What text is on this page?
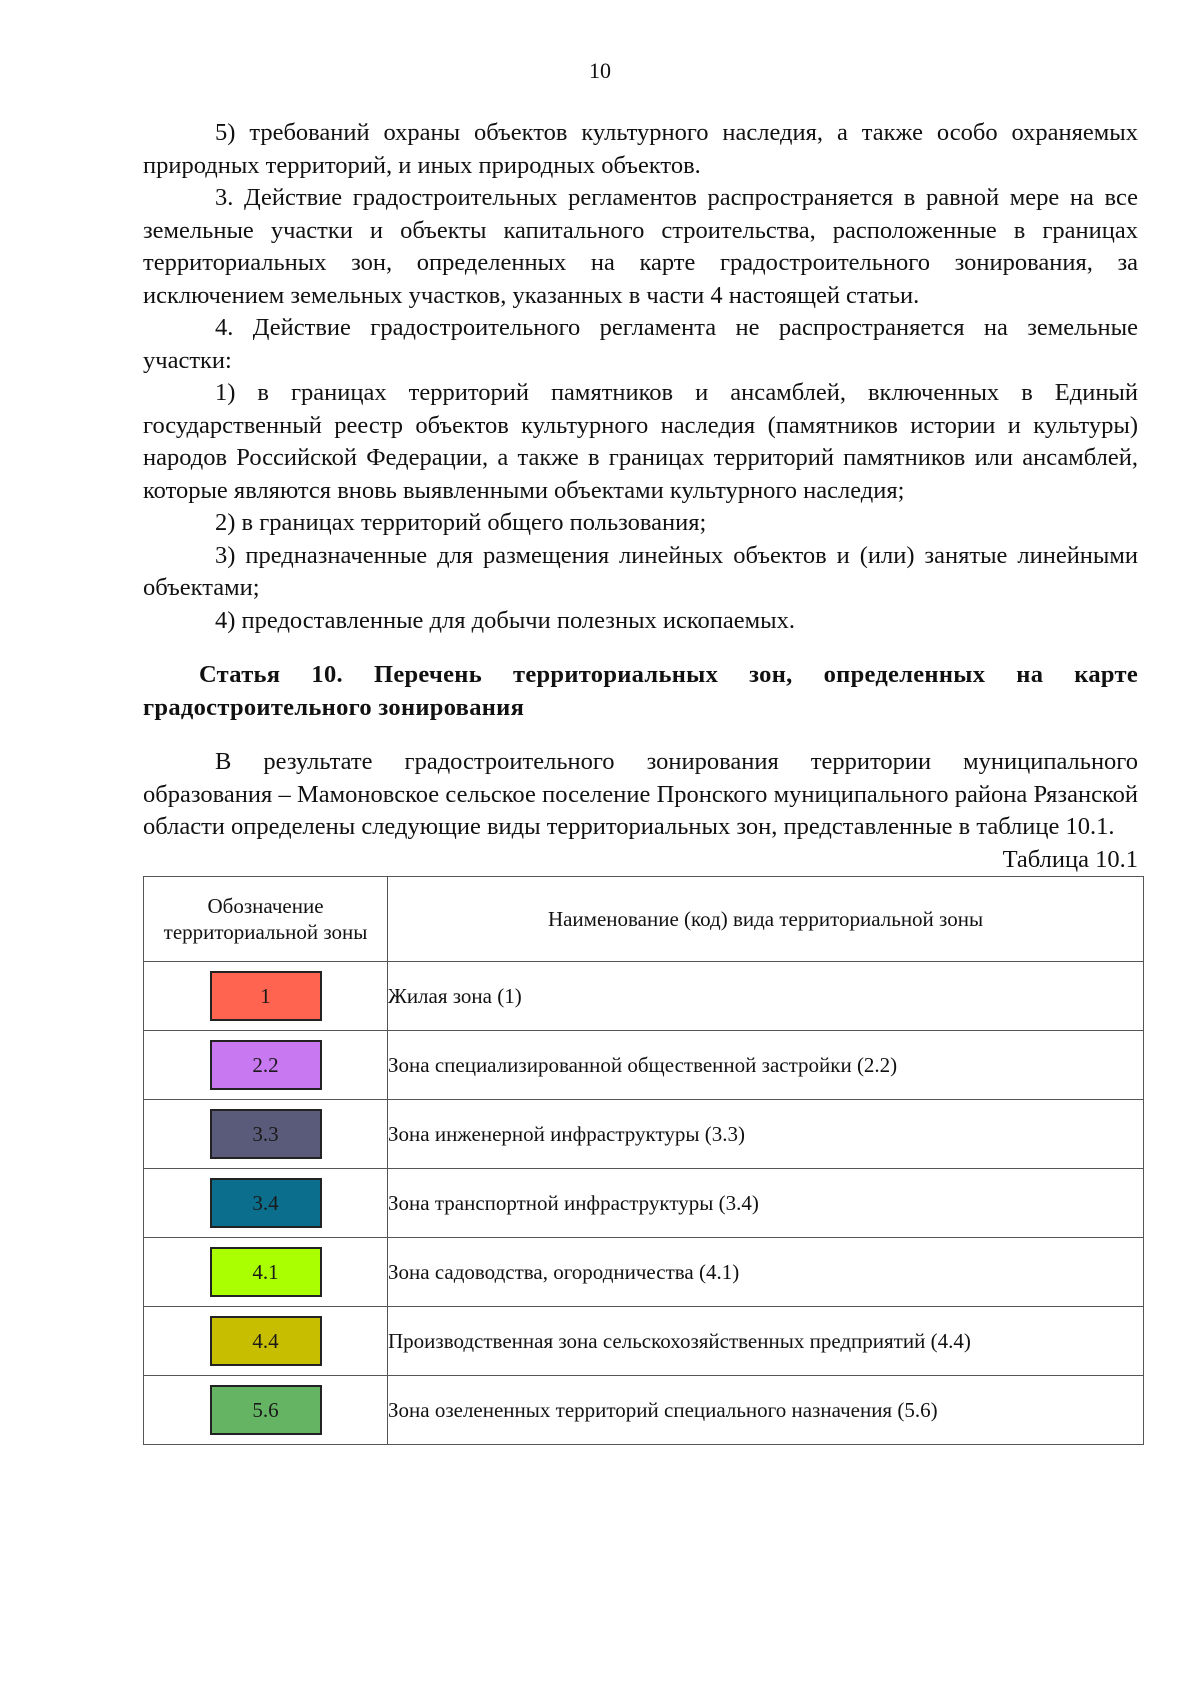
10

5) требований охраны объектов культурного наследия, а также особо охраняемых природных территорий, и иных природных объектов.

3. Действие градостроительных регламентов распространяется в равной мере на все земельные участки и объекты капитального строительства, расположенные в границах территориальных зон, определенных на карте градостроительного зонирования, за исключением земельных участков, указанных в части 4 настоящей статьи.

4. Действие градостроительного регламента не распространяется на земельные участки:

1) в границах территорий памятников и ансамблей, включенных в Единый государственный реестр объектов культурного наследия (памятников истории и культуры) народов Российской Федерации, а также в границах территорий памятников или ансамблей, которые являются вновь выявленными объектами культурного наследия;

2) в границах территорий общего пользования;

3) предназначенные для размещения линейных объектов и (или) занятые линейными объектами;

4) предоставленные для добычи полезных ископаемых.

Статья 10. Перечень территориальных зон, определенных на карте градостроительного зонирования

В результате градостроительного зонирования территории муниципального образования – Мамоновское сельское поселение Пронского муниципального района Рязанской области определены следующие виды территориальных зон, представленные в таблице 10.1.

Таблица 10.1

Обозначение территориальной зоны	Наименование (код) вида территориальной зоны
1	Жилая зона (1)
2.2	Зона специализированной общественной застройки (2.2)
3.3	Зона инженерной инфраструктуры (3.3)
3.4	Зона транспортной инфраструктуры (3.4)
4.1	Зона садоводства, огородничества (4.1)
4.4	Производственная зона сельскохозяйственных предприятий (4.4)
5.6	Зона озелененных территорий специального назначения (5.6)
